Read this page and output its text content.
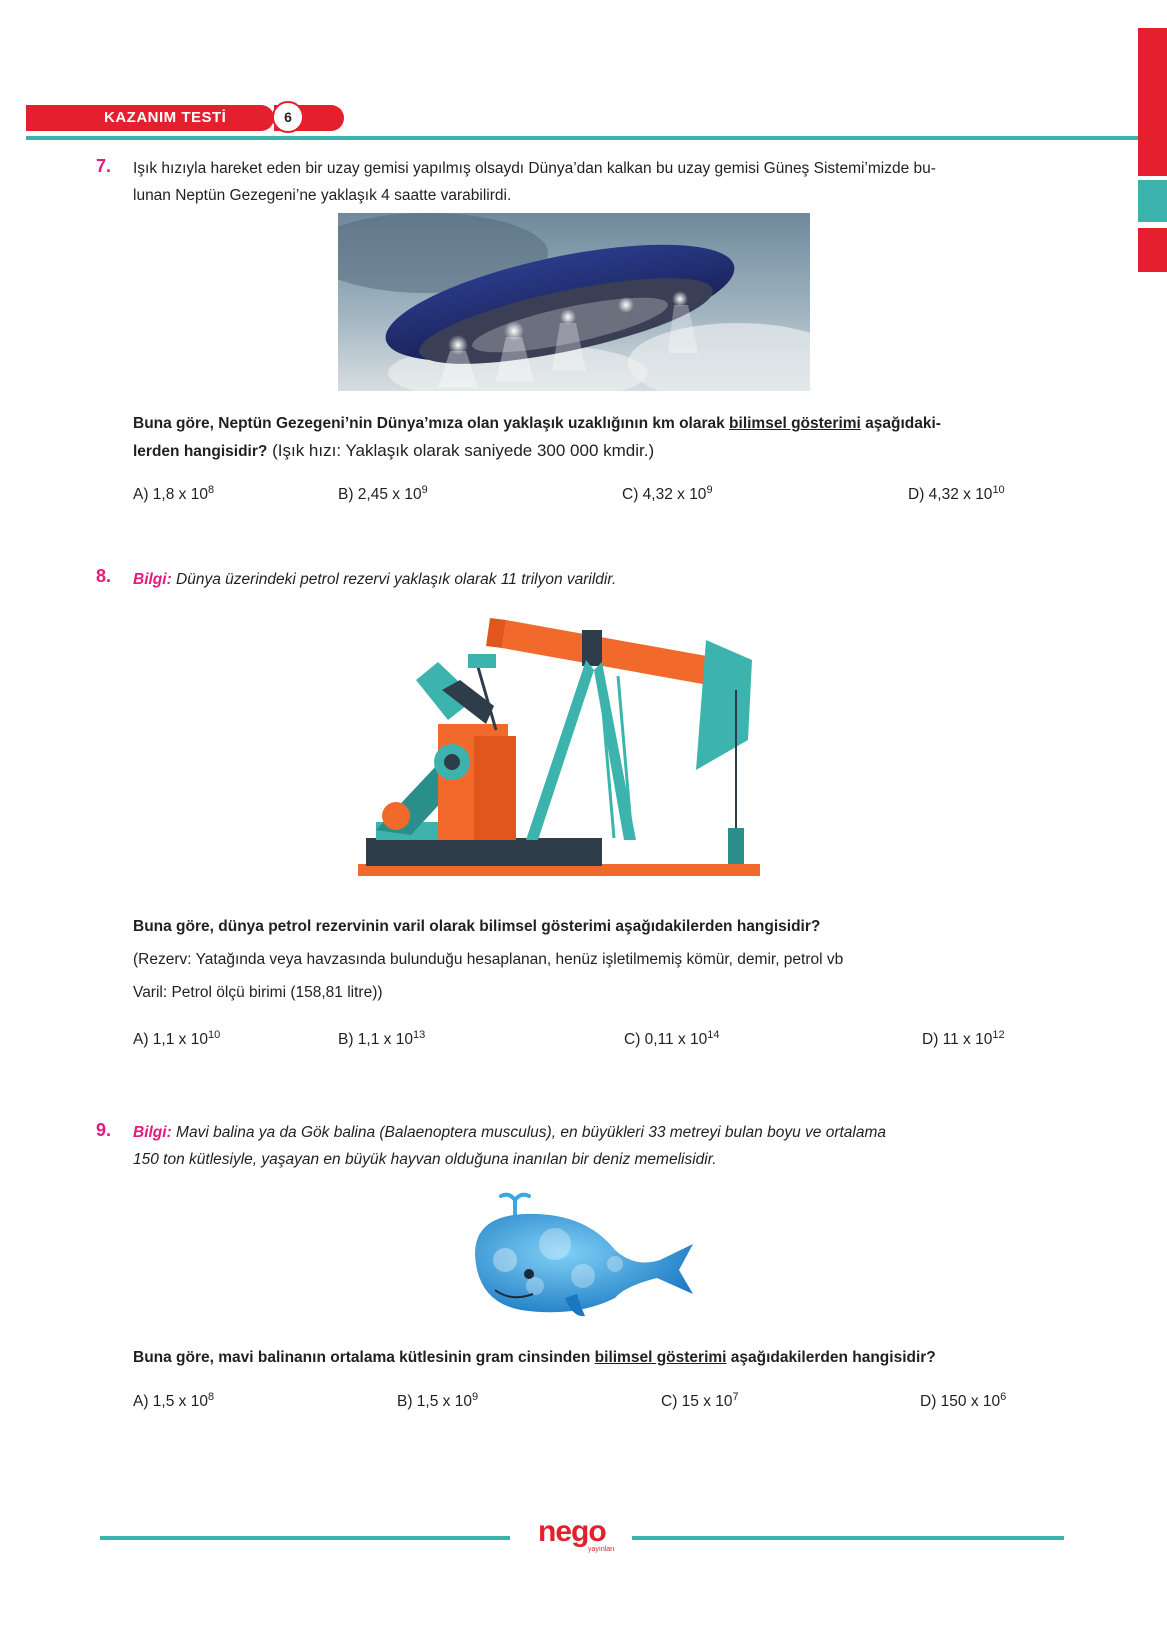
KAZANIM TESTİ	6
7. Işık hızıyla hareket eden bir uzay gemisi yapılmış olsaydı Dünya’dan kalkan bu uzay gemisi Güneş Sistemi’mizde bu-
lunan Neptün Gezegeni’ne yaklaşık 4 saatte varabilirdi.
Buna göre, Neptün Gezegeni’nin Dünya’mıza olan yaklaşık uzaklığının km olarak bilimsel gösterimi aşağıdaki-
lerden hangisidir? (Işık hızı: Yaklaşık olarak saniyede 300 000 kmdir.)
A) 1,8 x $10^8$	B) 2,45 x $10^9$	C) 4,32 x $10^9$	D) 4,32 x $10^{10}$
8. Bilgi: Dünya üzerindeki petrol rezervi yaklaşık olarak 11 trilyon varildir.
Buna göre, dünya petrol rezervinin varil olarak bilimsel gösterimi aşağıdakilerden hangisidir?
(Rezerv: Yatağında veya havzasında bulunduğu hesaplanan, henüz işletilmemiş kömür, demir, petrol vb
Varil: Petrol ölçü birimi (158,81 litre))
A) 1,1 x $10^{10}$	B) 1,1 x $10^{13}$	C) 0,11 x $10^{14}$	D) 11 x $10^{12}$
9. Bilgi: Mavi balina ya da Gök balina (Balaenoptera musculus), en büyükleri 33 metreyi bulan boyu ve ortalama
150 ton kütlesiyle, yaşayan en büyük hayvan olduğuna inanılan bir deniz memelisidir.
Buna göre, mavi balinanın ortalama kütlesinin gram cinsinden bilimsel gösterimi aşağıdakilerden hangisidir?
A) 1,5 x $10^8$	B) 1,5 x $10^9$	C) 15 x $10^7$	D) 150 x $10^6$
nego
yayınları
